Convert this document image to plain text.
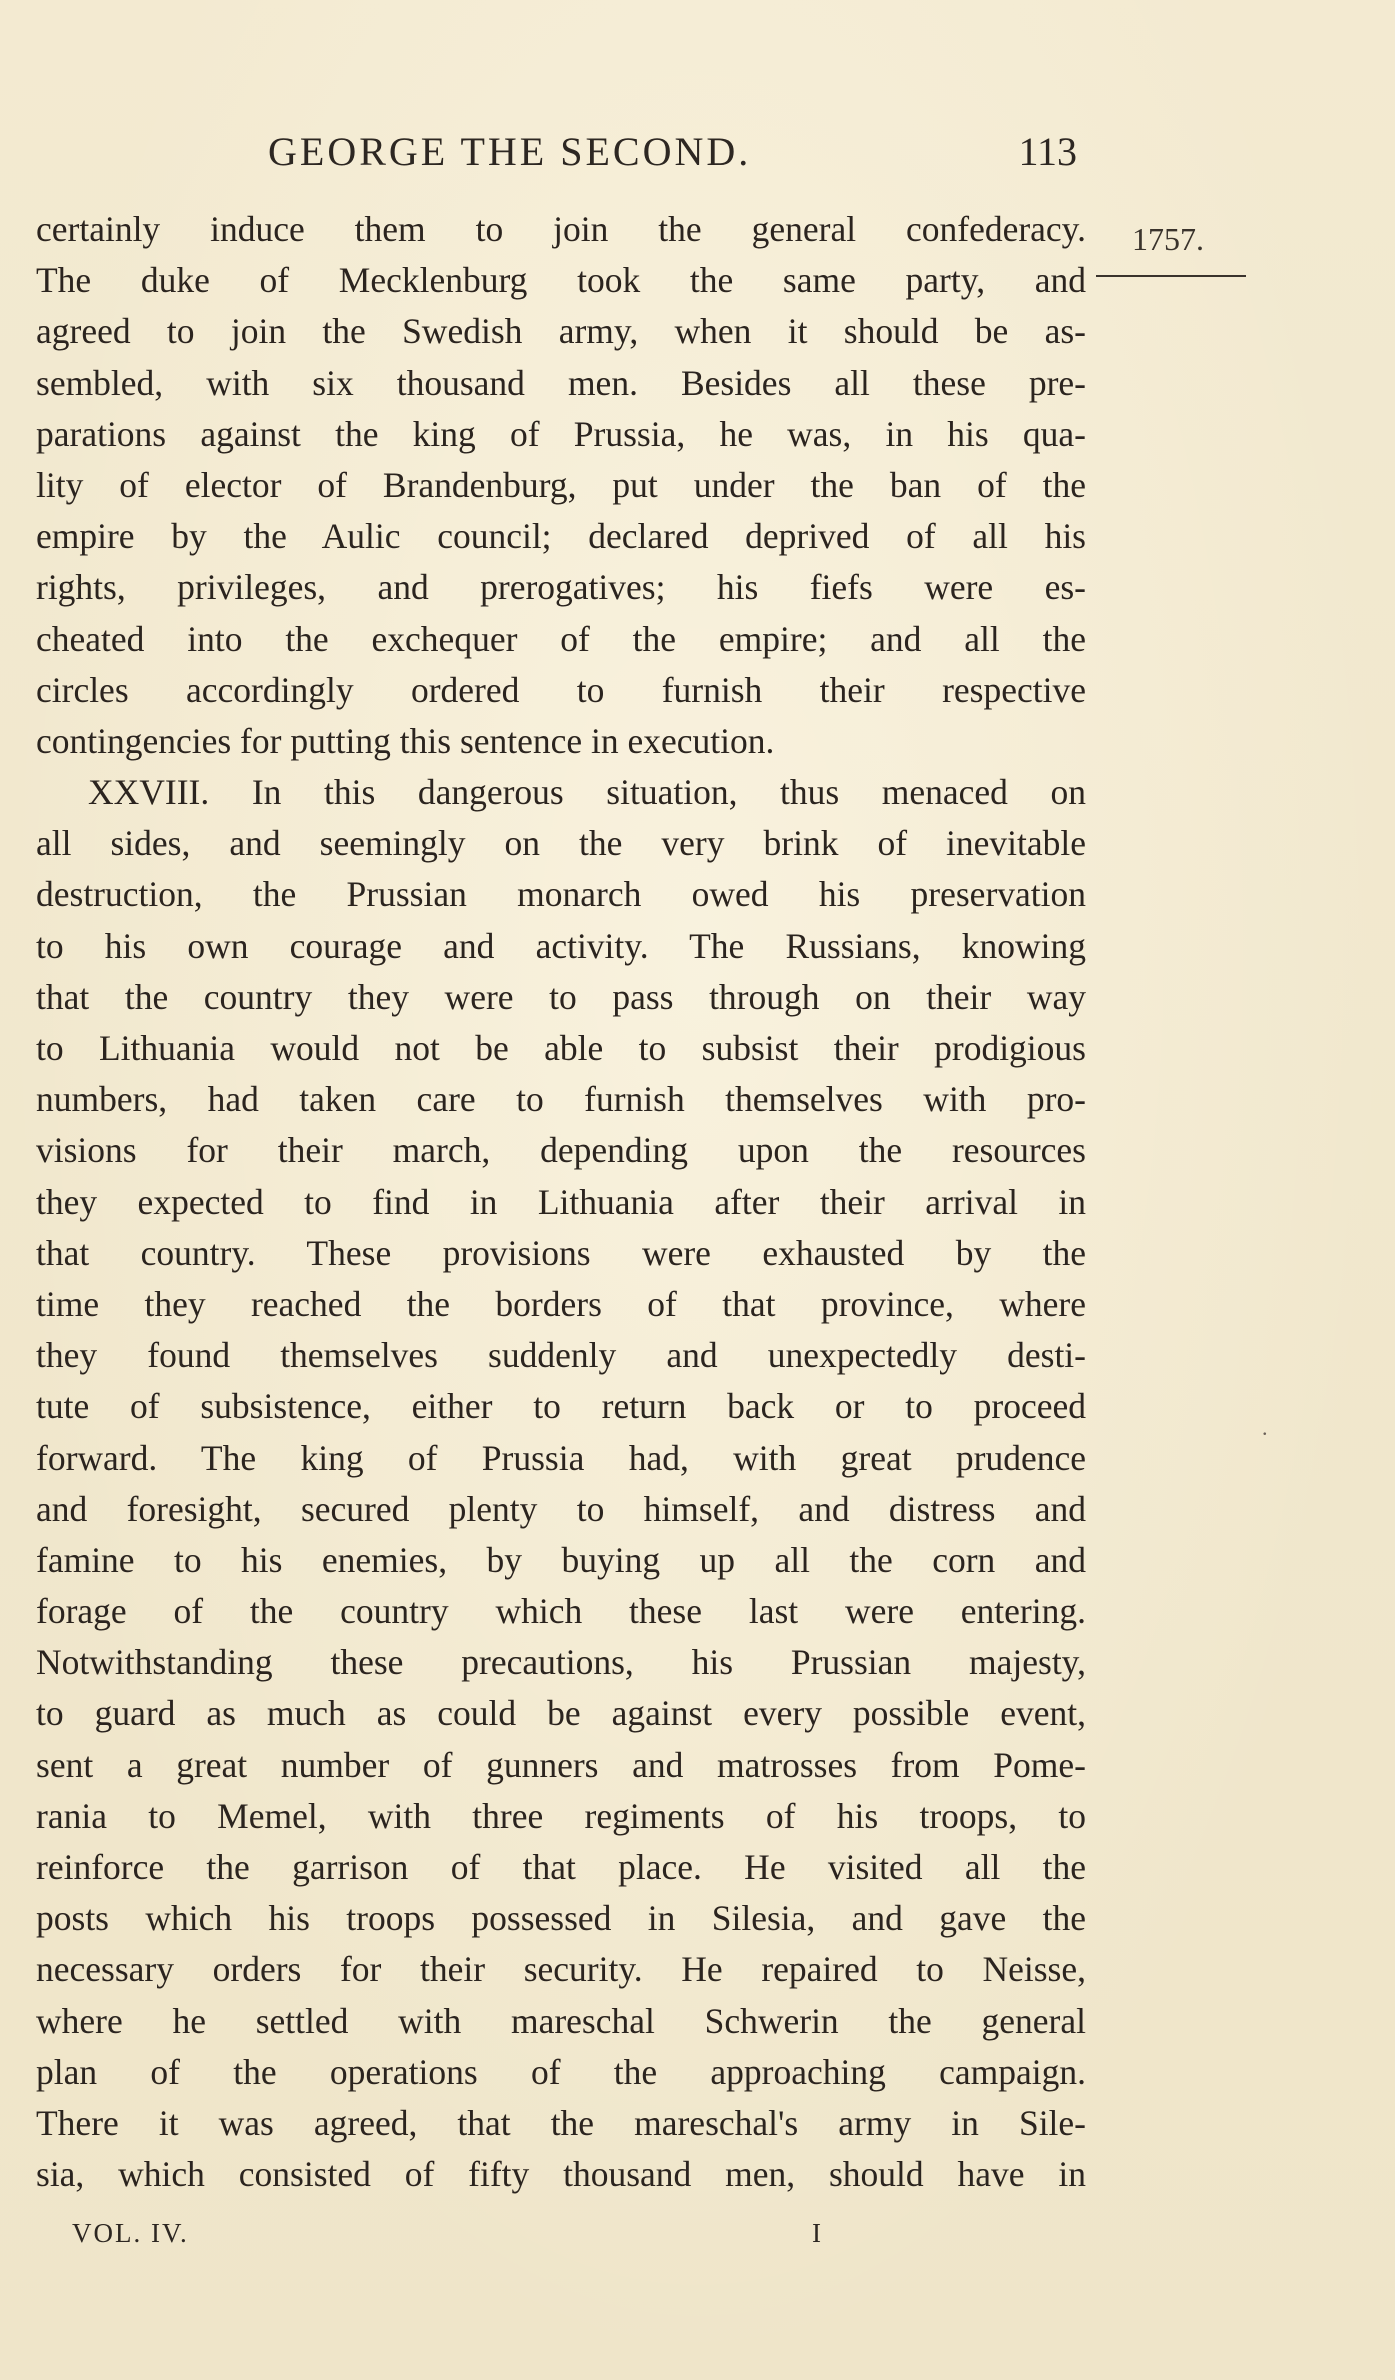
GEORGE THE SECOND.	113
1757.
.
certainly induce them to join the general confederacy.
The duke of Mecklenburg took the same party, and
agreed to join the Swedish army, when it should be as-
sembled, with six thousand men. Besides all these pre-
parations against the king of Prussia, he was, in his qua-
lity of elector of Brandenburg, put under the ban of the
empire by the Aulic council; declared deprived of all his
rights, privileges, and prerogatives; his fiefs were es-
cheated into the exchequer of the empire; and all the
circles accordingly ordered to furnish their respective
contingencies for putting this sentence in execution.
XXVIII. In this dangerous situation, thus menaced on
all sides, and seemingly on the very brink of inevitable
destruction, the Prussian monarch owed his preservation
to his own courage and activity. The Russians, knowing
that the country they were to pass through on their way
to Lithuania would not be able to subsist their prodigious
numbers, had taken care to furnish themselves with pro-
visions for their march, depending upon the resources
they expected to find in Lithuania after their arrival in
that country. These provisions were exhausted by the
time they reached the borders of that province, where
they found themselves suddenly and unexpectedly desti-
tute of subsistence, either to return back or to proceed
forward. The king of Prussia had, with great prudence
and foresight, secured plenty to himself, and distress and
famine to his enemies, by buying up all the corn and
forage of the country which these last were entering.
Notwithstanding these precautions, his Prussian majesty,
to guard as much as could be against every possible event,
sent a great number of gunners and matrosses from Pome-
rania to Memel, with three regiments of his troops, to
reinforce the garrison of that place. He visited all the
posts which his troops possessed in Silesia, and gave the
necessary orders for their security. He repaired to Neisse,
where he settled with mareschal Schwerin the general
plan of the operations of the approaching campaign.
There it was agreed, that the mareschal's army in Sile-
sia, which consisted of fifty thousand men, should have in
VOL. IV.	I
